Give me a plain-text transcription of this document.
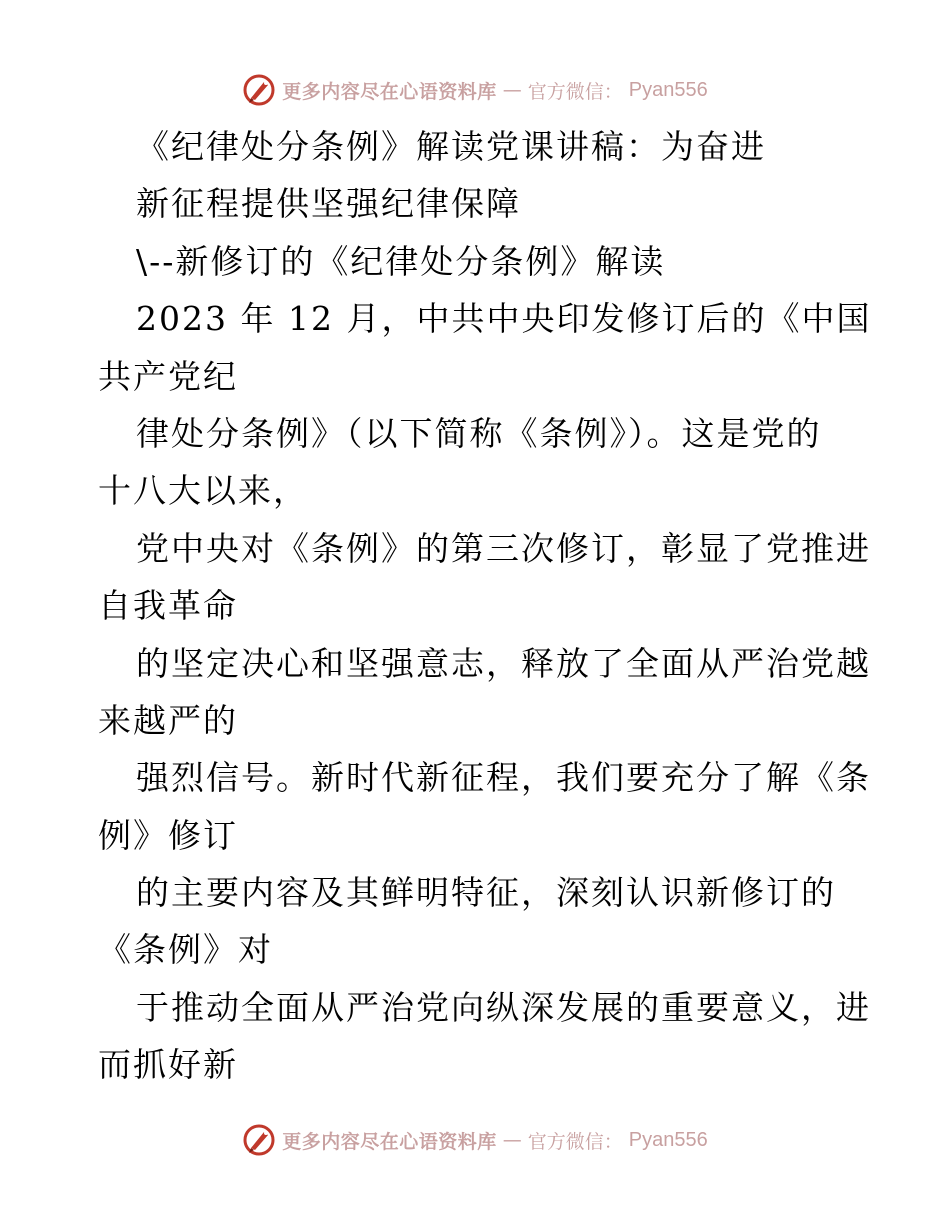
更多内容尽在心语资料库 — 官方微信： Pyan556
《纪律处分条例》解读党课讲稿：为奋进
新征程提供坚强纪律保障
\--新修订的《纪律处分条例》解读
2023 年 12 月，中共中央印发修订后的《中国
共产党纪
律处分条例》（以下简称《条例》）。这是党的
十八大以来，
党中央对《条例》的第三次修订，彰显了党推进
自我革命
的坚定决心和坚强意志，释放了全面从严治党越
来越严的
强烈信号。新时代新征程，我们要充分了解《条
例》修订
的主要内容及其鲜明特征，深刻认识新修订的
《条例》对
于推动全面从严治党向纵深发展的重要意义，进
而抓好新
更多内容尽在心语资料库 — 官方微信： Pyan556
